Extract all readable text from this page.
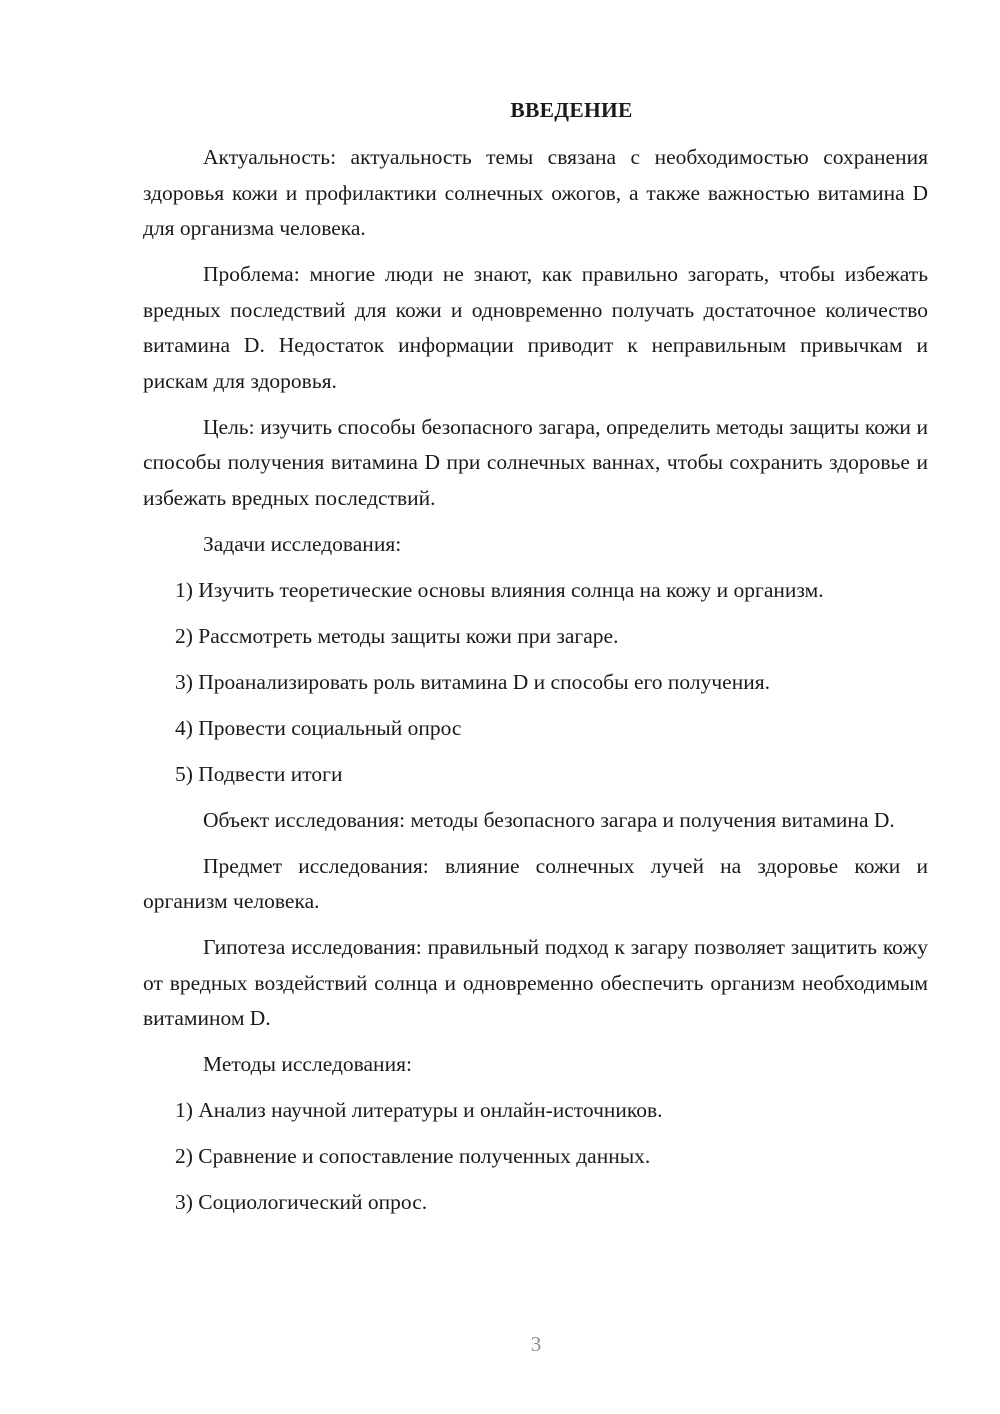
ВВЕДЕНИЕ

Актуальность: актуальность темы связана с необходимостью сохранения здоровья кожи и профилактики солнечных ожогов, а также важностью витамина D для организма человека.

Проблема: многие люди не знают, как правильно загорать, чтобы избежать вредных последствий для кожи и одновременно получать достаточное количество витамина D. Недостаток информации приводит к неправильным привычкам и рискам для здоровья.

Цель: изучить способы безопасного загара, определить методы защиты кожи и способы получения витамина D при солнечных ваннах, чтобы сохранить здоровье и избежать вредных последствий.

Задачи исследования:

1) Изучить теоретические основы влияния солнца на кожу и организм.
2) Рассмотреть методы защиты кожи при загаре.
3) Проанализировать роль витамина D и способы его получения.
4) Провести социальный опрос
5) Подвести итоги

Объект исследования: методы безопасного загара и получения витамина D.

Предмет исследования: влияние солнечных лучей на здоровье кожи и организм человека.

Гипотеза исследования: правильный подход к загару позволяет защитить кожу от вредных воздействий солнца и одновременно обеспечить организм необходимым витамином D.

Методы исследования:

1) Анализ научной литературы и онлайн-источников.
2) Сравнение и сопоставление полученных данных.
3) Социологический опрос.
3
